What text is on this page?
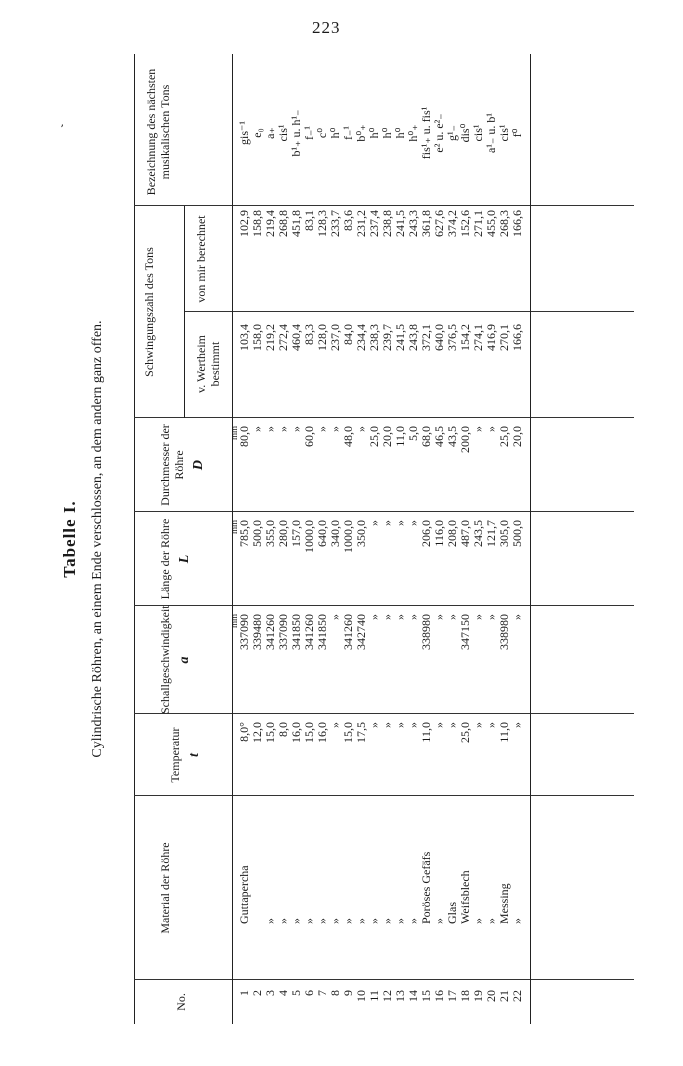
223
Tabelle I. Cylindrische Röhren, an einem Ende verschlossen, an dem andern ganz offen.
No.
Material der Röhre
Temperatur t
Schallgeschwindigkeit a
Länge der Röhre L
Durchmesser der Röhre D
Schwingungszahl des Tons	v. Wertheim bestimmt
von mir berechnet
Bezeichnung des nächsten musikalischen Tons
mm
mm
mm
1
Guttapercha
8,0°
337090
785,0
80,0
103,4
102,9
gis⁻¹
2
12,0
339480
500,0
»
158,0
158,8
e₀
3
»
15,0
341260
355,0
»
219,2
219,4
a₊
4
»
8,0
337090
280,0
»
272,4
268,8
cis¹
5
»
16,0
341850
157,0
»
460,4
451,8
b¹₊ u. h¹₋
6
»
15,0
341260
1000,0
60,0
83,3
83,1
f₋¹
7
»
16,0
341850
640,0
»
128,0
128,3
c⁰
8
»
»
»
340,0
»
237,0
233,7
h⁰
9
»
15,0
341260
1000,0
48,0
84,0
83,6
f₋¹
10
»
17,5
342740
350,0
»
234,4
231,2
b⁰₊
11
»
»
»
»
25,0
238,3
237,4
h⁰
12
»
»
»
»
20,0
239,7
238,8
h⁰
13
»
»
»
»
11,0
241,5
241,5
h⁰
14
»
»
»
»
5,0
243,8
243,3
h⁰₊
15
Poröses Gefäfs
11,0
338980
206,0
68,0
372,1
361,8
fis¹₊ u. fis¹
16
»
»
»
116,0
46,5
640,0
627,6
e² u. e²₋
17
Glas
»
»
208,0
43,5
376,5
374,2
g¹₋
18
Weifsblech
25,0
347150
487,0
200,0
154,2
152,6
dis⁰
19
»
»
»
243,5
»
274,1
271,1
cis¹
20
»
»
»
121,7
»
416,9
455,0
a¹₋ u. b¹
21
Messing
11,0
338980
305,0
25,0
270,1
268,3
cis¹
22
»
»
»
500,0
20,0
166,6
166,6
f⁰
ʼ
